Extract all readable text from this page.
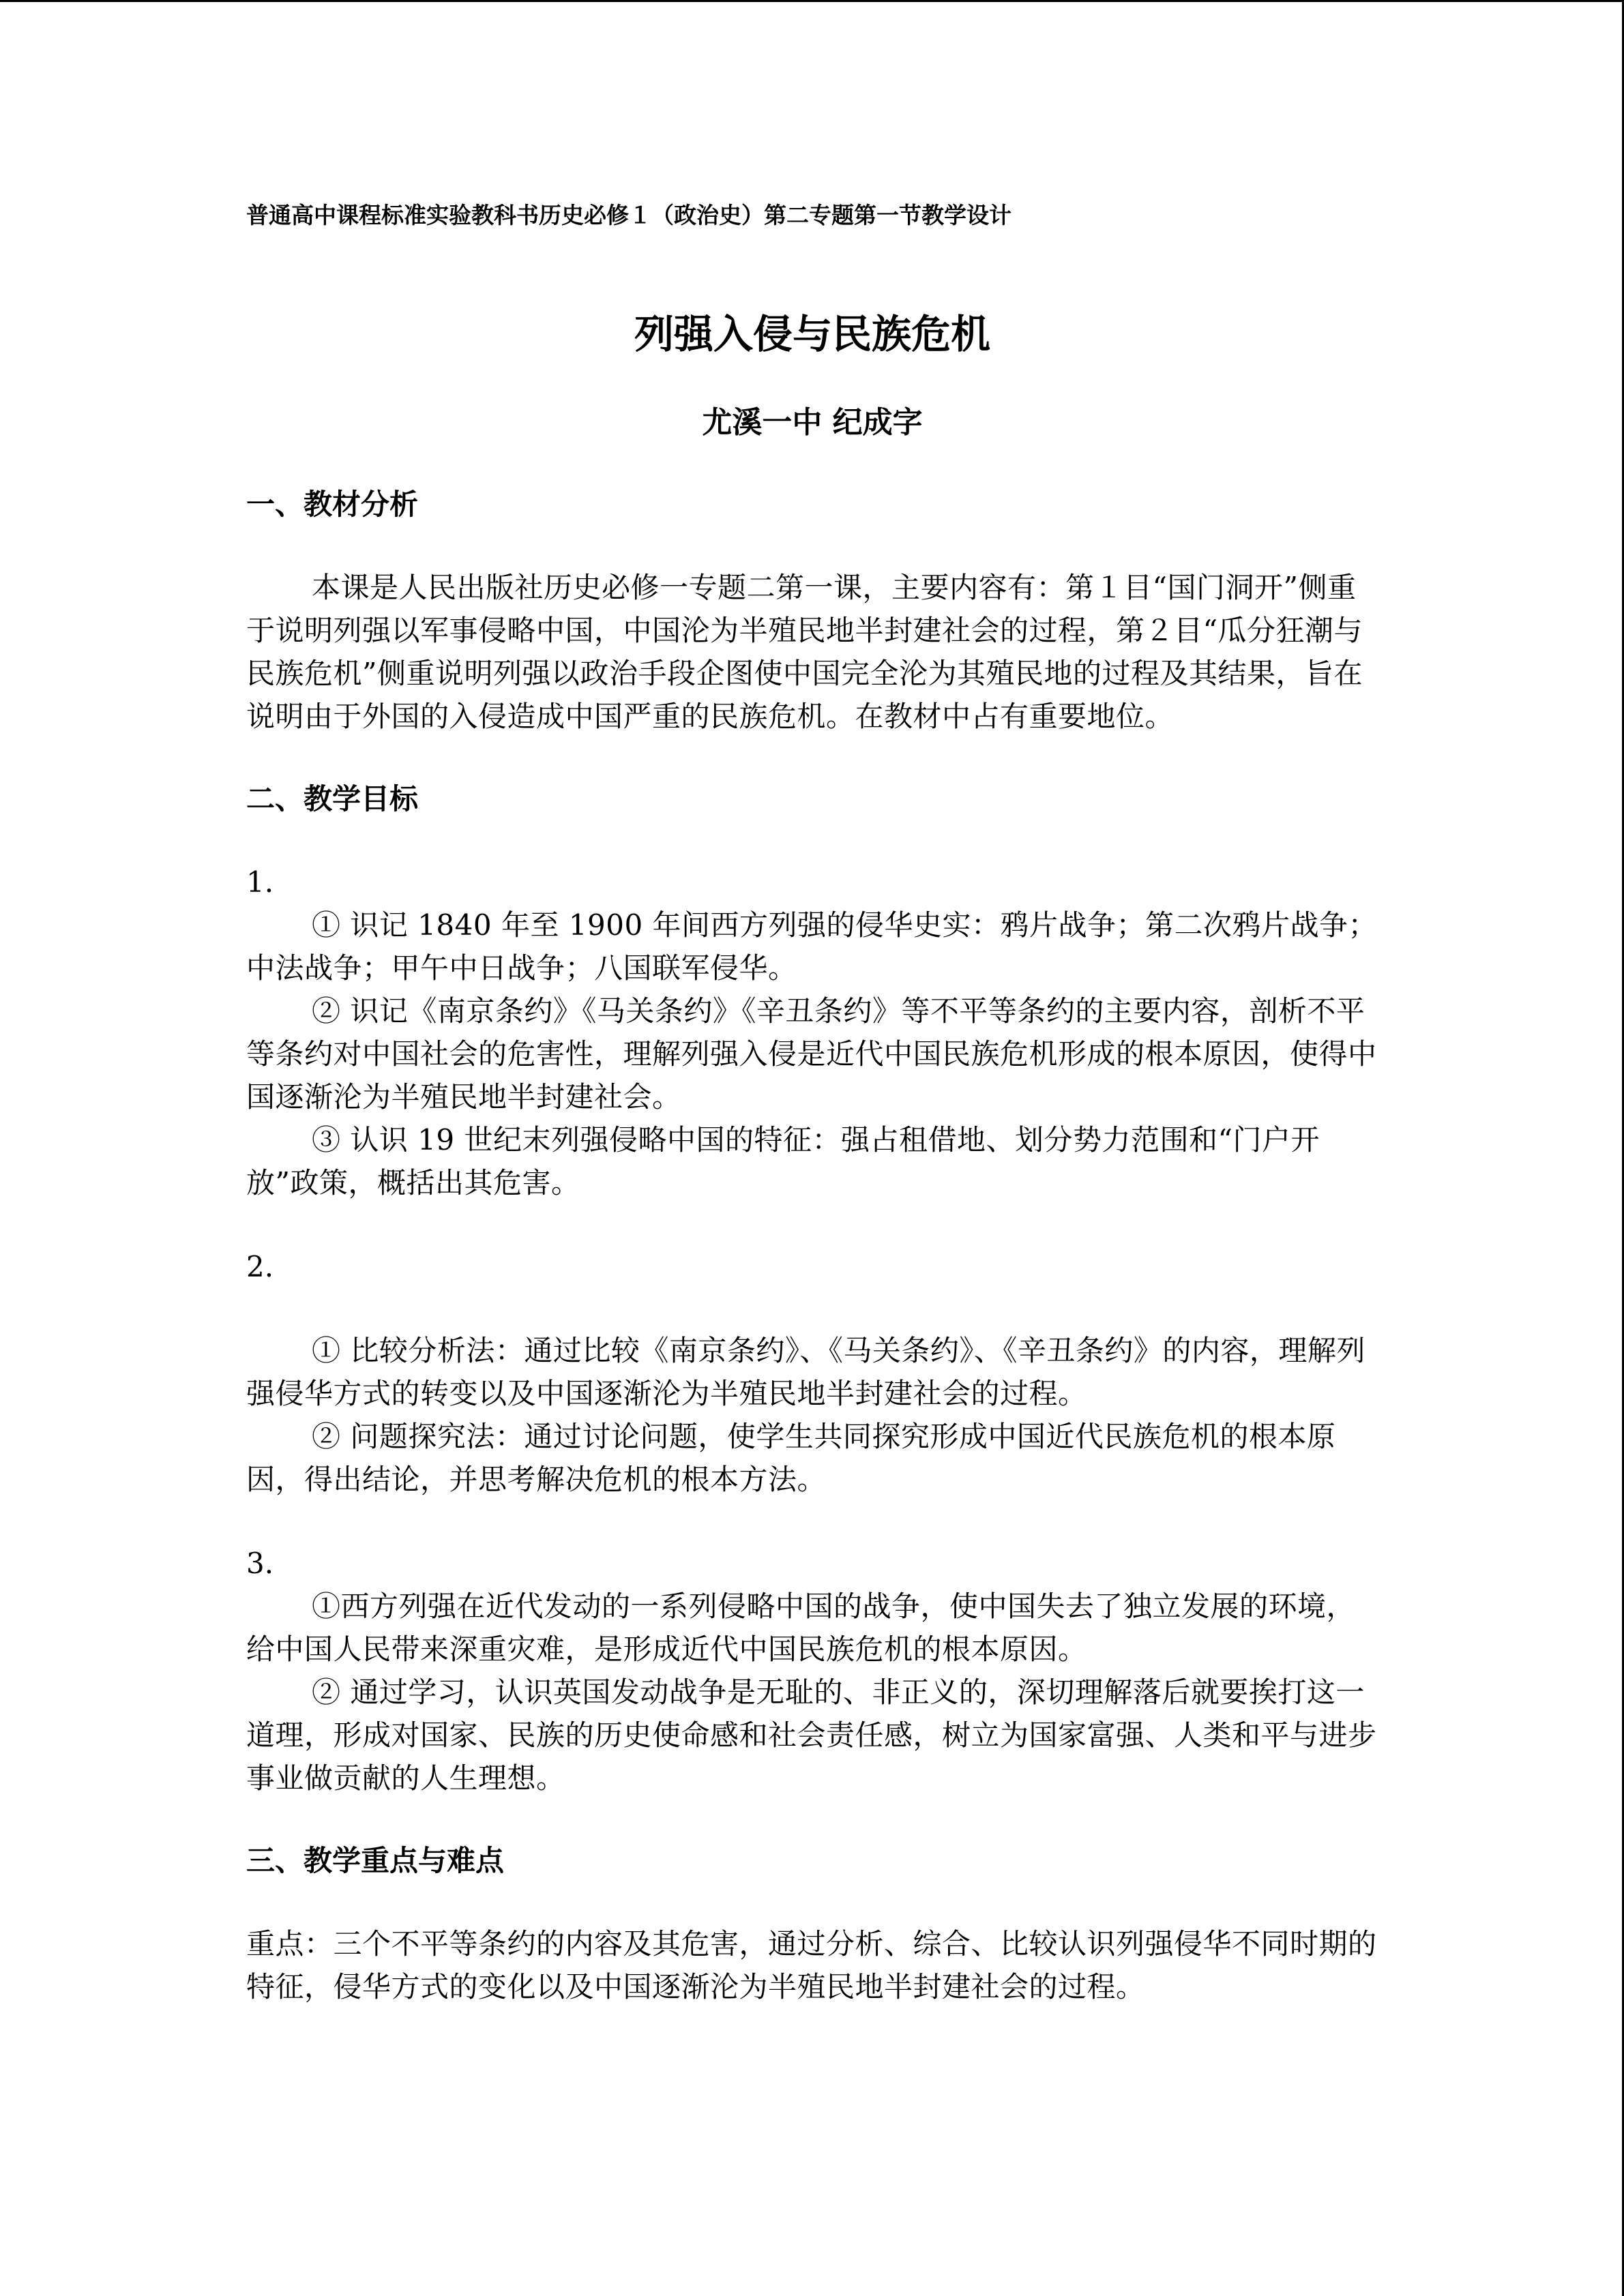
普通高中课程标准实验教科书历史必修１（政治史）第二专题第一节教学设计
列强入侵与民族危机
尤溪一中 纪成字
一、教材分析
本课是人民出版社历史必修一专题二第一课，主要内容有：第１目“国门洞开”侧重于说明列强以军事侵略中国，中国沦为半殖民地半封建社会的过程，第２目“瓜分狂潮与民族危机”侧重说明列强以政治手段企图使中国完全沦为其殖民地的过程及其结果，旨在说明由于外国的入侵造成中国严重的民族危机。在教材中占有重要地位。
二、教学目标
1.
① 识记 1840 年至 1900 年间西方列强的侵华史实：鸦片战争；第二次鸦片战争；中法战争；甲午中日战争；八国联军侵华。
② 识记《南京条约》《马关条约》《辛丑条约》等不平等条约的主要内容，剖析不平等条约对中国社会的危害性，理解列强入侵是近代中国民族危机形成的根本原因，使得中国逐渐沦为半殖民地半封建社会。
③ 认识 19 世纪末列强侵略中国的特征：强占租借地、划分势力范围和“门户开放”政策，概括出其危害。
2.
① 比较分析法：通过比较《南京条约》、《马关条约》、《辛丑条约》的内容，理解列强侵华方式的转变以及中国逐渐沦为半殖民地半封建社会的过程。
② 问题探究法：通过讨论问题，使学生共同探究形成中国近代民族危机的根本原因，得出结论，并思考解决危机的根本方法。
3.
①西方列强在近代发动的一系列侵略中国的战争，使中国失去了独立发展的环境，给中国人民带来深重灾难，是形成近代中国民族危机的根本原因。
② 通过学习，认识英国发动战争是无耻的、非正义的，深切理解落后就要挨打这一道理，形成对国家、民族的历史使命感和社会责任感，树立为国家富强、人类和平与进步事业做贡献的人生理想。
三、教学重点与难点
重点：三个不平等条约的内容及其危害，通过分析、综合、比较认识列强侵华不同时期的特征，侵华方式的变化以及中国逐渐沦为半殖民地半封建社会的过程。
